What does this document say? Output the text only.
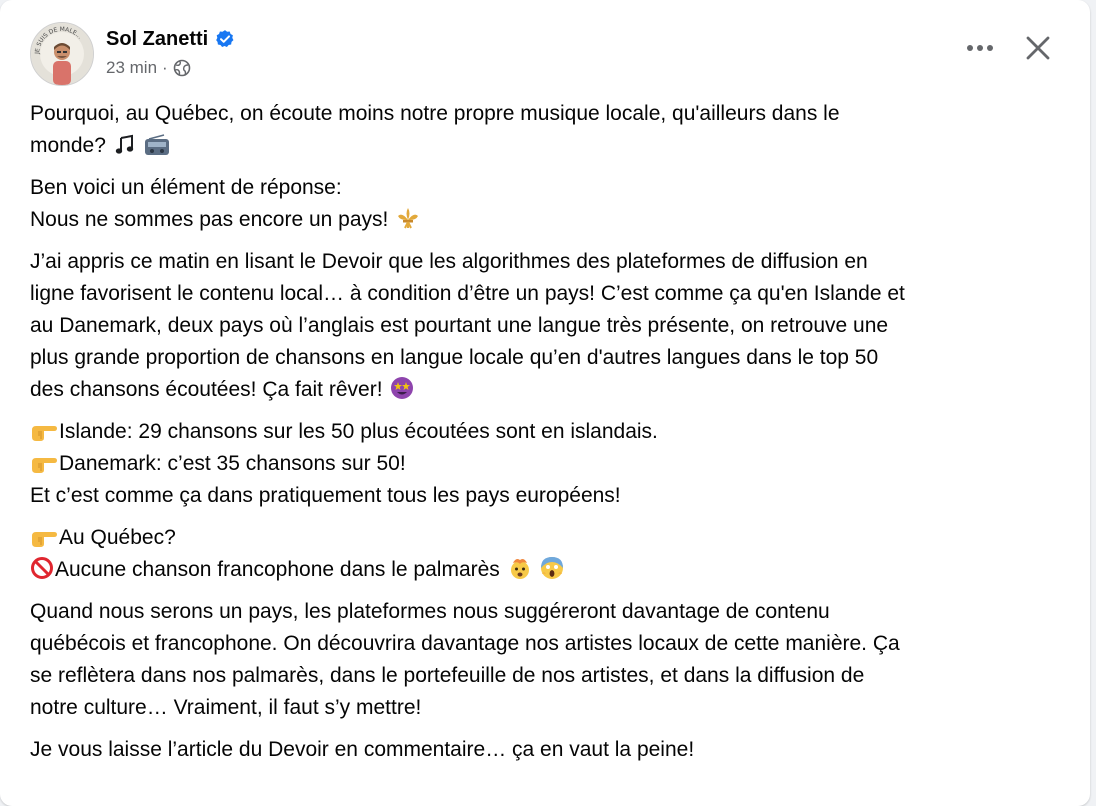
JE SUIS DE MALE... Sol Zanetti
23 min ·

Pourquoi, au Québec, on écoute moins notre propre musique locale, qu'ailleurs dans le
monde?

Ben voici un élément de réponse:
Nous ne sommes pas encore un pays!

J’ai appris ce matin en lisant le Devoir que les algorithmes des plateformes de diffusion en
ligne favorisent le contenu local… à condition d’être un pays! C’est comme ça qu'en Islande et
au Danemark, deux pays où l’anglais est pourtant une langue très présente, on retrouve une
plus grande proportion de chansons en langue locale qu’en d'autres langues dans le top 50
des chansons écoutées! Ça fait rêver!

Islande: 29 chansons sur les 50 plus écoutées sont en islandais.
Danemark: c’est 35 chansons sur 50!
Et c’est comme ça dans pratiquement tous les pays européens!

Au Québec?
Aucune chanson francophone dans le palmarès

Quand nous serons un pays, les plateformes nous suggéreront davantage de contenu
québécois et francophone. On découvrira davantage nos artistes locaux de cette manière. Ça
se reflètera dans nos palmarès, dans le portefeuille de nos artistes, et dans la diffusion de
notre culture… Vraiment, il faut s’y mettre!

Je vous laisse l’article du Devoir en commentaire… ça en vaut la peine!
